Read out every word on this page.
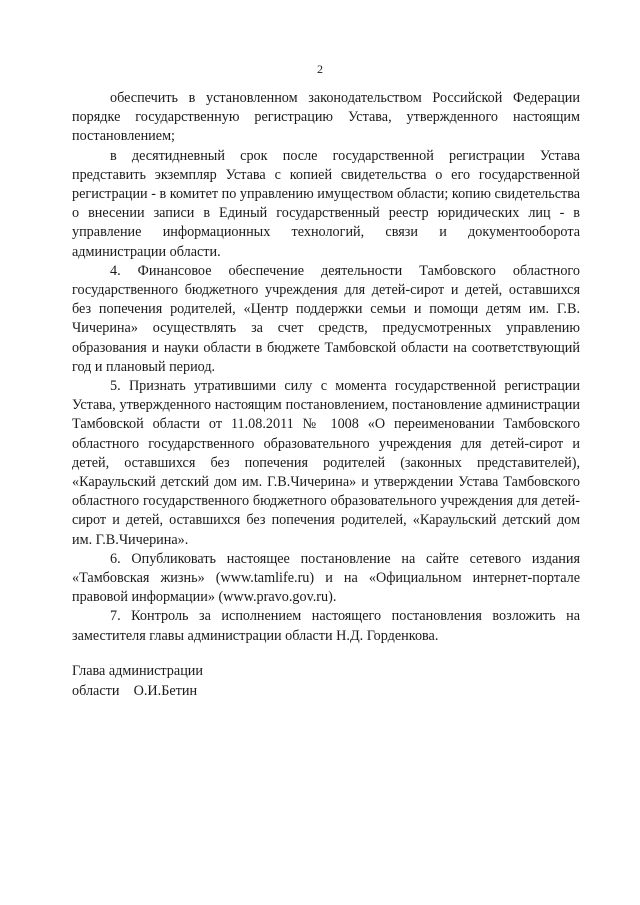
2

обеспечить в установленном законодательством Российской Федерации порядке государственную регистрацию Устава, утвержденного настоящим постановлением;

в десятидневный срок после государственной регистрации Устава представить экземпляр Устава с копией свидетельства о его государственной регистрации - в комитет по управлению имуществом области; копию свидетельства о внесении записи в Единый государственный реестр юридических лиц - в управление информационных технологий, связи и документооборота администрации области.

4. Финансовое обеспечение деятельности Тамбовского областного государственного бюджетного учреждения для детей-сирот и детей, оставшихся без попечения родителей, «Центр поддержки семьи и помощи детям им. Г.В. Чичерина» осуществлять за счет средств, предусмотренных управлению образования и науки области в бюджете Тамбовской области на соответствующий год и плановый период.

5. Признать утратившими силу с момента государственной регистрации Устава, утвержденного настоящим постановлением, постановление администрации Тамбовской области от 11.08.2011 № 1008 «О переименовании Тамбовского областного государственного образовательного учреждения для детей-сирот и детей, оставшихся без попечения родителей (законных представителей), «Караульский детский дом им. Г.В.Чичерина» и утверждении Устава Тамбовского областного государственного бюджетного образовательного учреждения для детей-сирот и детей, оставшихся без попечения родителей, «Караульский детский дом им. Г.В.Чичерина».

6. Опубликовать настоящее постановление на сайте сетевого издания «Тамбовская жизнь» (www.tamlife.ru) и на «Официальном интернет-портале правовой информации» (www.pravo.gov.ru).

7. Контроль за исполнением настоящего постановления возложить на заместителя главы администрации области Н.Д. Горденкова.

Глава администрации
области О.И.Бетин
